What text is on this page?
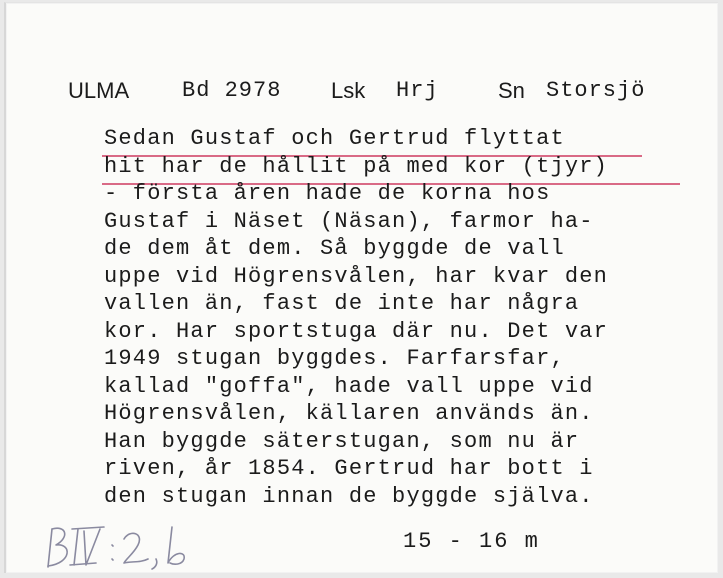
ULMA Bd 2978 Lsk Hrj	Sn Storsjö
Sedan Gustaf och Gertrud flyttat
hit har de hållit på med kor (tjyr)
- första åren hade de korna hos
Gustaf i Näset (Näsan), farmor ha-
de dem åt dem. Så byggde de vall
uppe vid Högrensvålen, har kvar den
vallen än, fast de inte har några
kor. Har sportstuga där nu. Det var
1949 stugan byggdes. Farfarsfar,
kallad "goffa", hade vall uppe vid
Högrensvålen, källaren används än.
Han byggde säterstugan, som nu är
riven, år 1854. Gertrud har bott i
den stugan innan de byggde själva.
15 - 16 m
